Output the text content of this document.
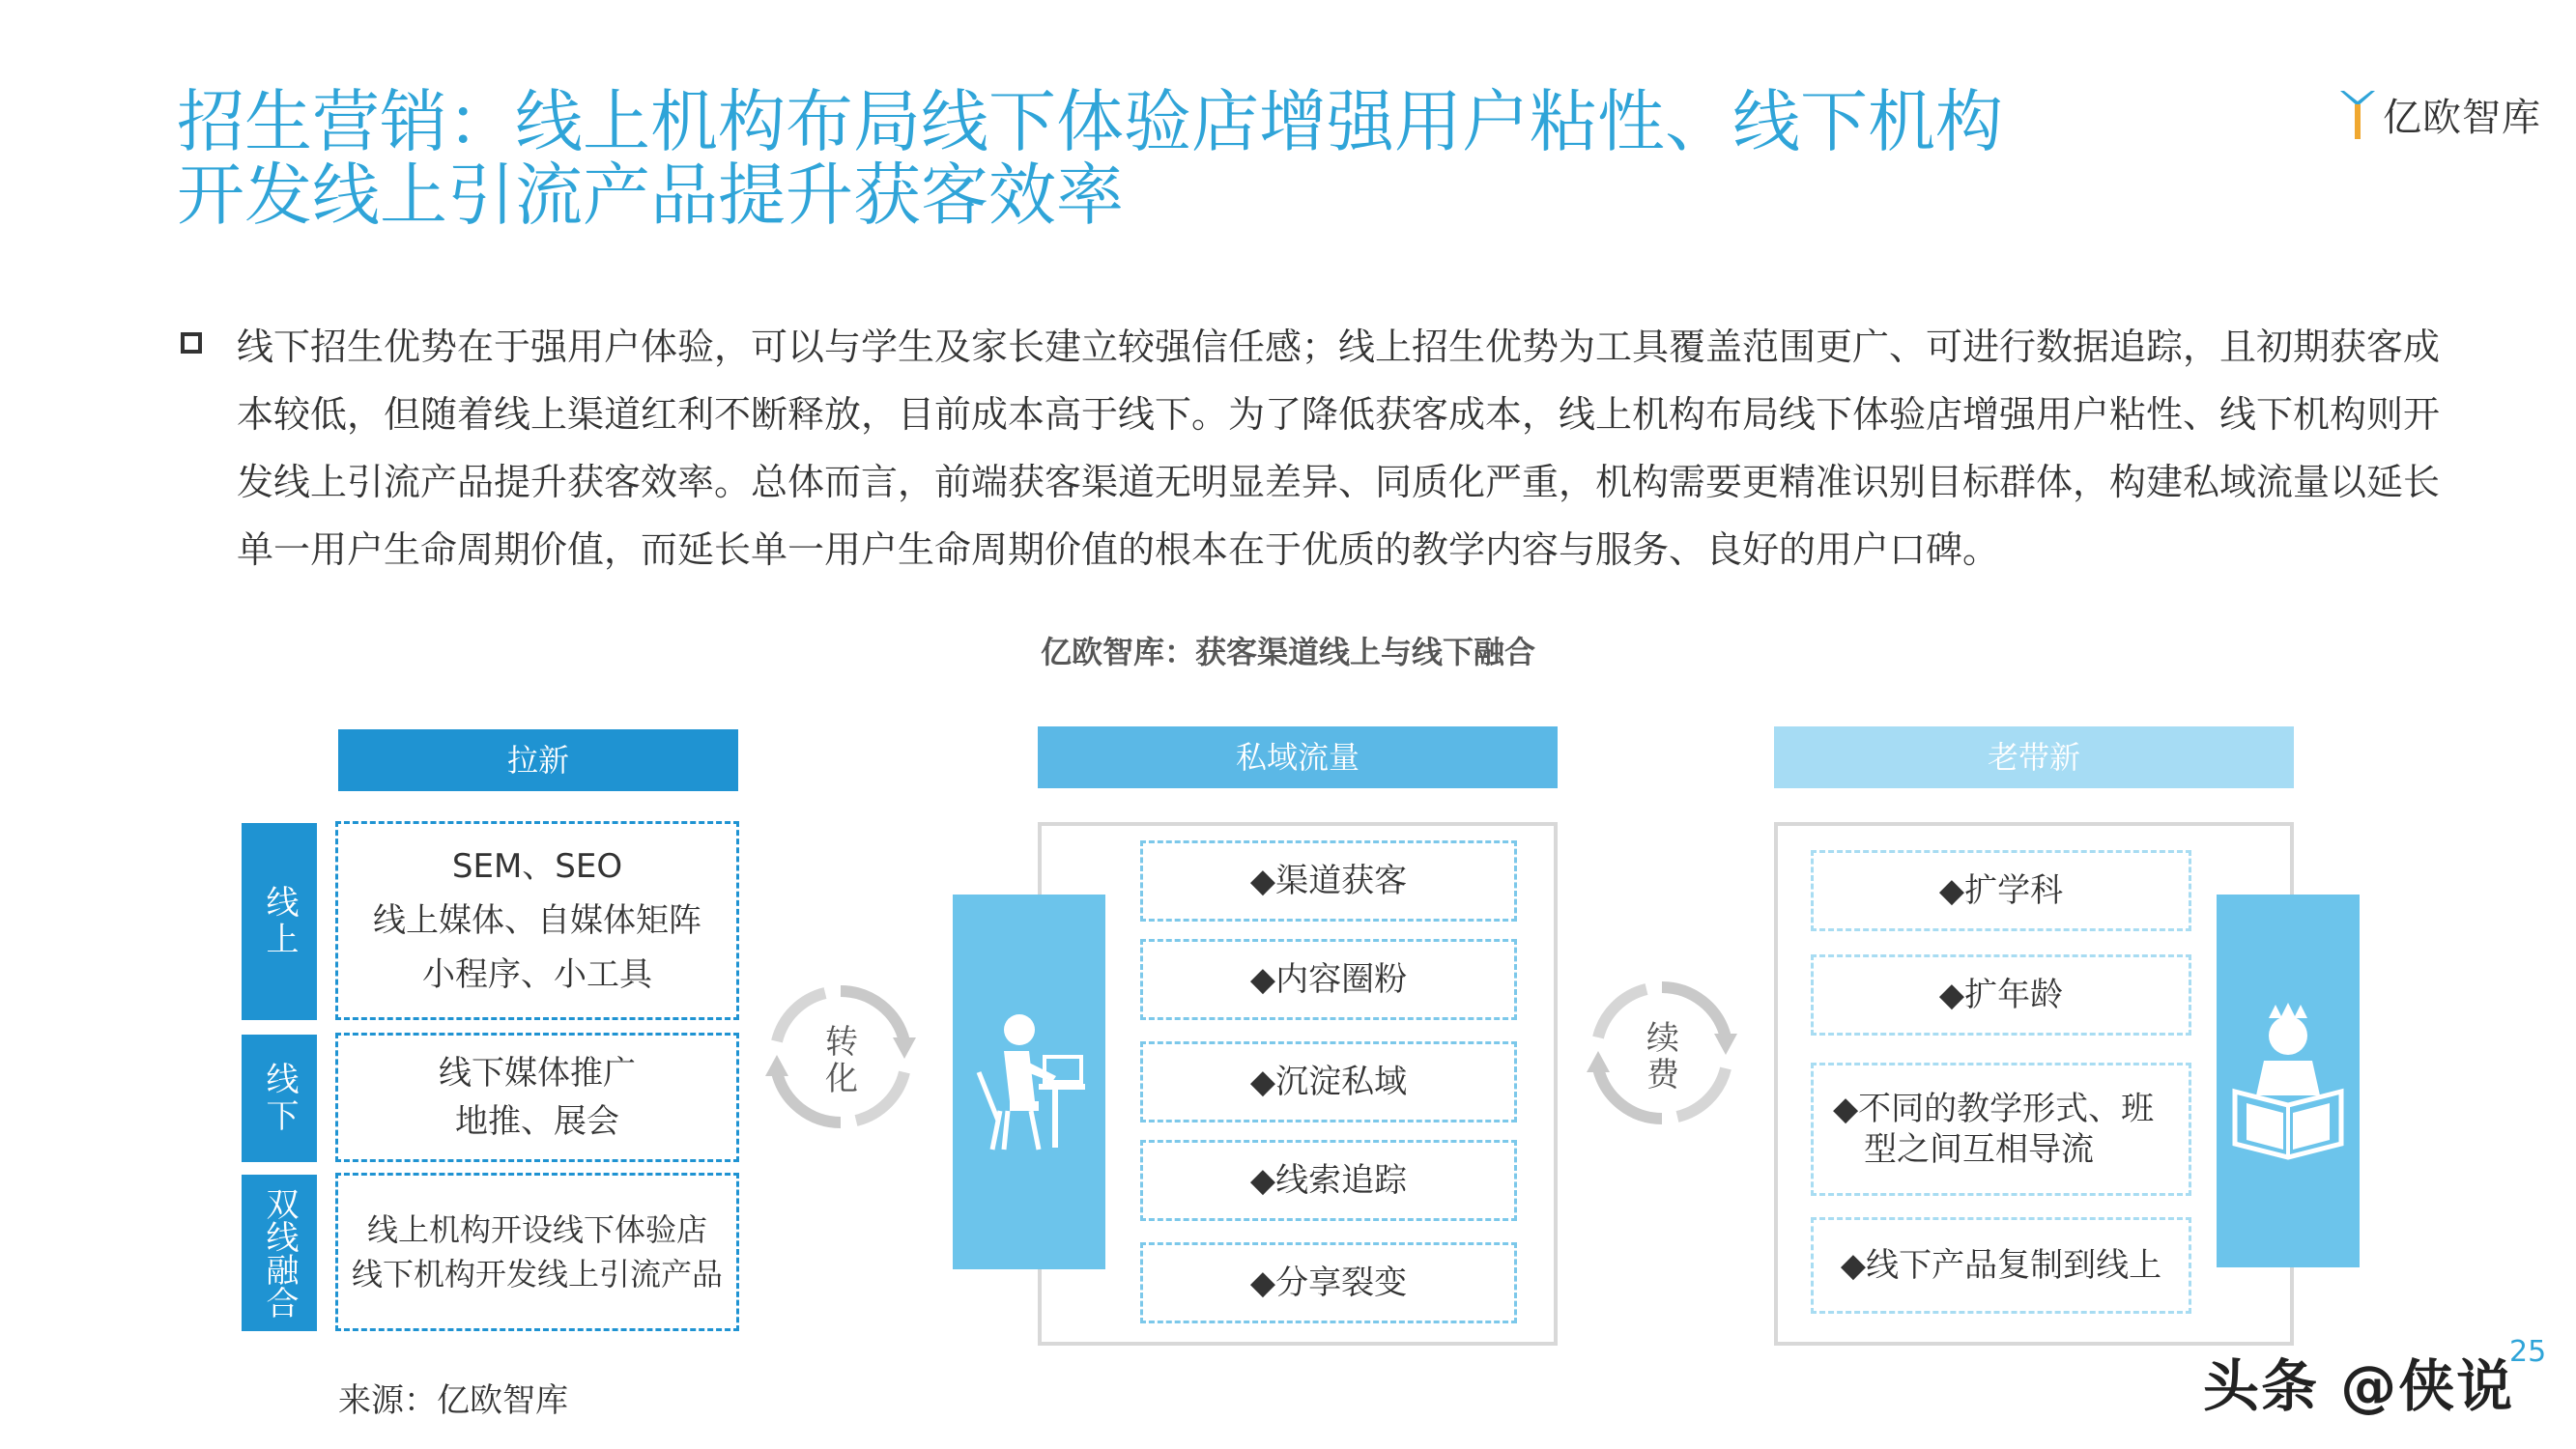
招生营销：线上机构布局线下体验店增强用户粘性、线下机构
开发线上引流产品提升获客效率
亿欧智库
线下招生优势在于强用户体验，可以与学生及家长建立较强信任感；线上招生优势为工具覆盖范围更广、可进行数据追踪，且初期获客成本较低，但随着线上渠道红利不断释放，目前成本高于线下。为了降低获客成本，线上机构布局线下体验店增强用户粘性、线下机构则开发线上引流产品提升获客效率。总体而言，前端获客渠道无明显差异、同质化严重，机构需要更精准识别目标群体，构建私域流量以延长单一用户生命周期价值，而延长单一用户生命周期价值的根本在于优质的教学内容与服务、良好的用户口碑。
亿欧智库：获客渠道线上与线下融合
拉新
线上
SEM、SEO
线上媒体、自媒体矩阵
小程序、小工具
线下	线下媒体推广
地推、展会
双线融合 线上机构开设线下体验店
线下机构开发线上引流产品
转
化
私域流量
◆渠道获客
◆内容圈粉
◆沉淀私域
◆线索追踪
◆分享裂变
续
费
老带新
◆扩学科
◆扩年龄
◆不同的教学形式、班型之间互相导流
◆线下产品复制到线上
来源：亿欧智库
25
头条 @侠说
